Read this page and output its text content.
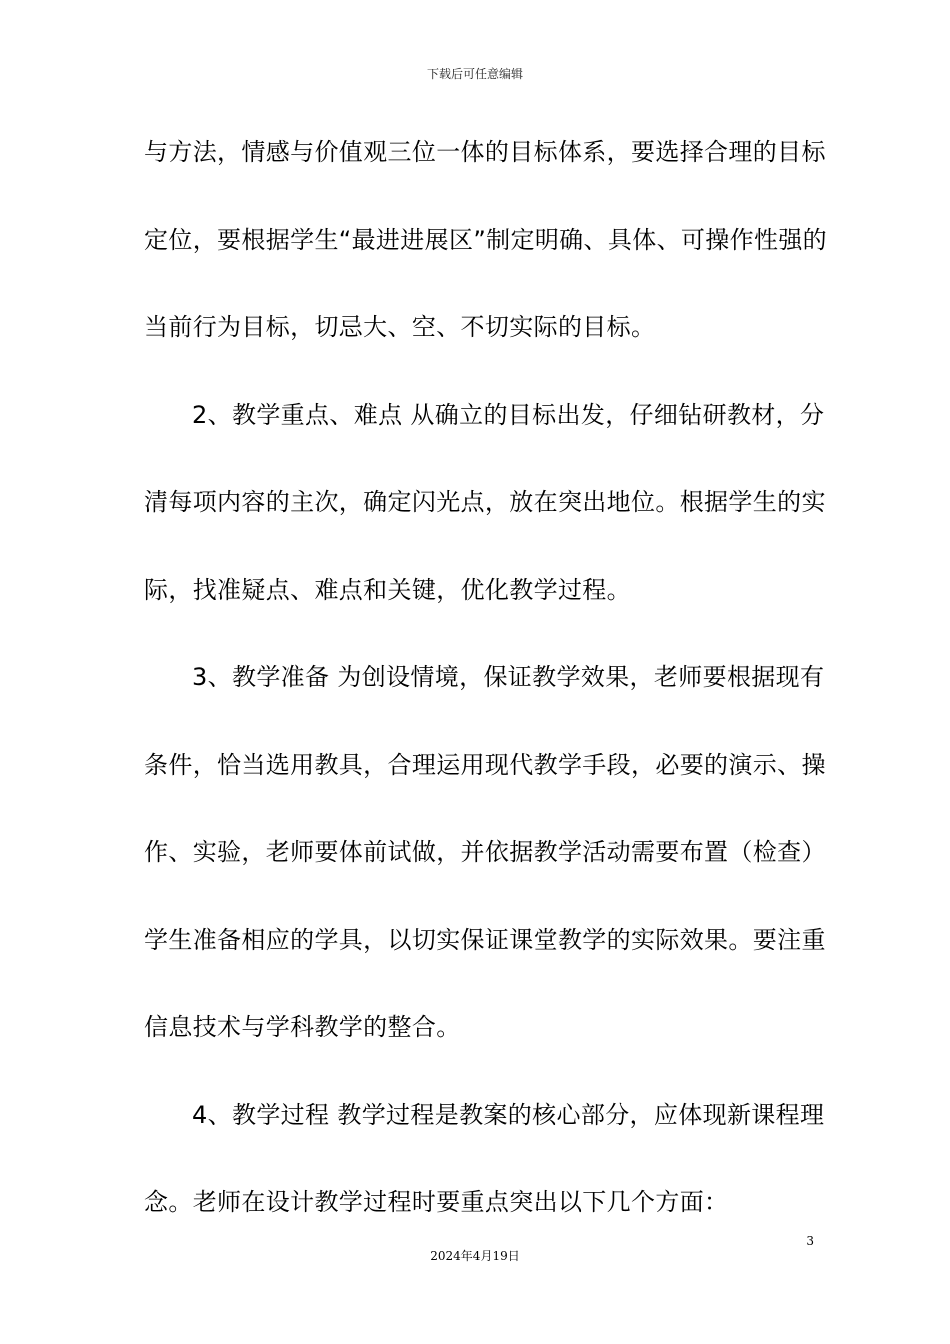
下载后可任意编辑
与方法，情感与价值观三位一体的目标体系，要选择合理的目标
定位，要根据学生“最进进展区”制定明确、具体、可操作性强的
当前行为目标，切忌大、空、不切实际的目标。
2、教学重点、难点 从确立的目标出发，仔细钻研教材，分
清每项内容的主次，确定闪光点，放在突出地位。根据学生的实
际，找准疑点、难点和关键，优化教学过程。
3、教学准备 为创设情境，保证教学效果，老师要根据现有
条件，恰当选用教具，合理运用现代教学手段，必要的演示、操
作、实验，老师要体前试做，并依据教学活动需要布置（检查）
学生准备相应的学具，以切实保证课堂教学的实际效果。要注重
信息技术与学科教学的整合。
4、教学过程 教学过程是教案的核心部分，应体现新课程理
念。老师在设计教学过程时要重点突出以下几个方面：
3
2024年4月19日
